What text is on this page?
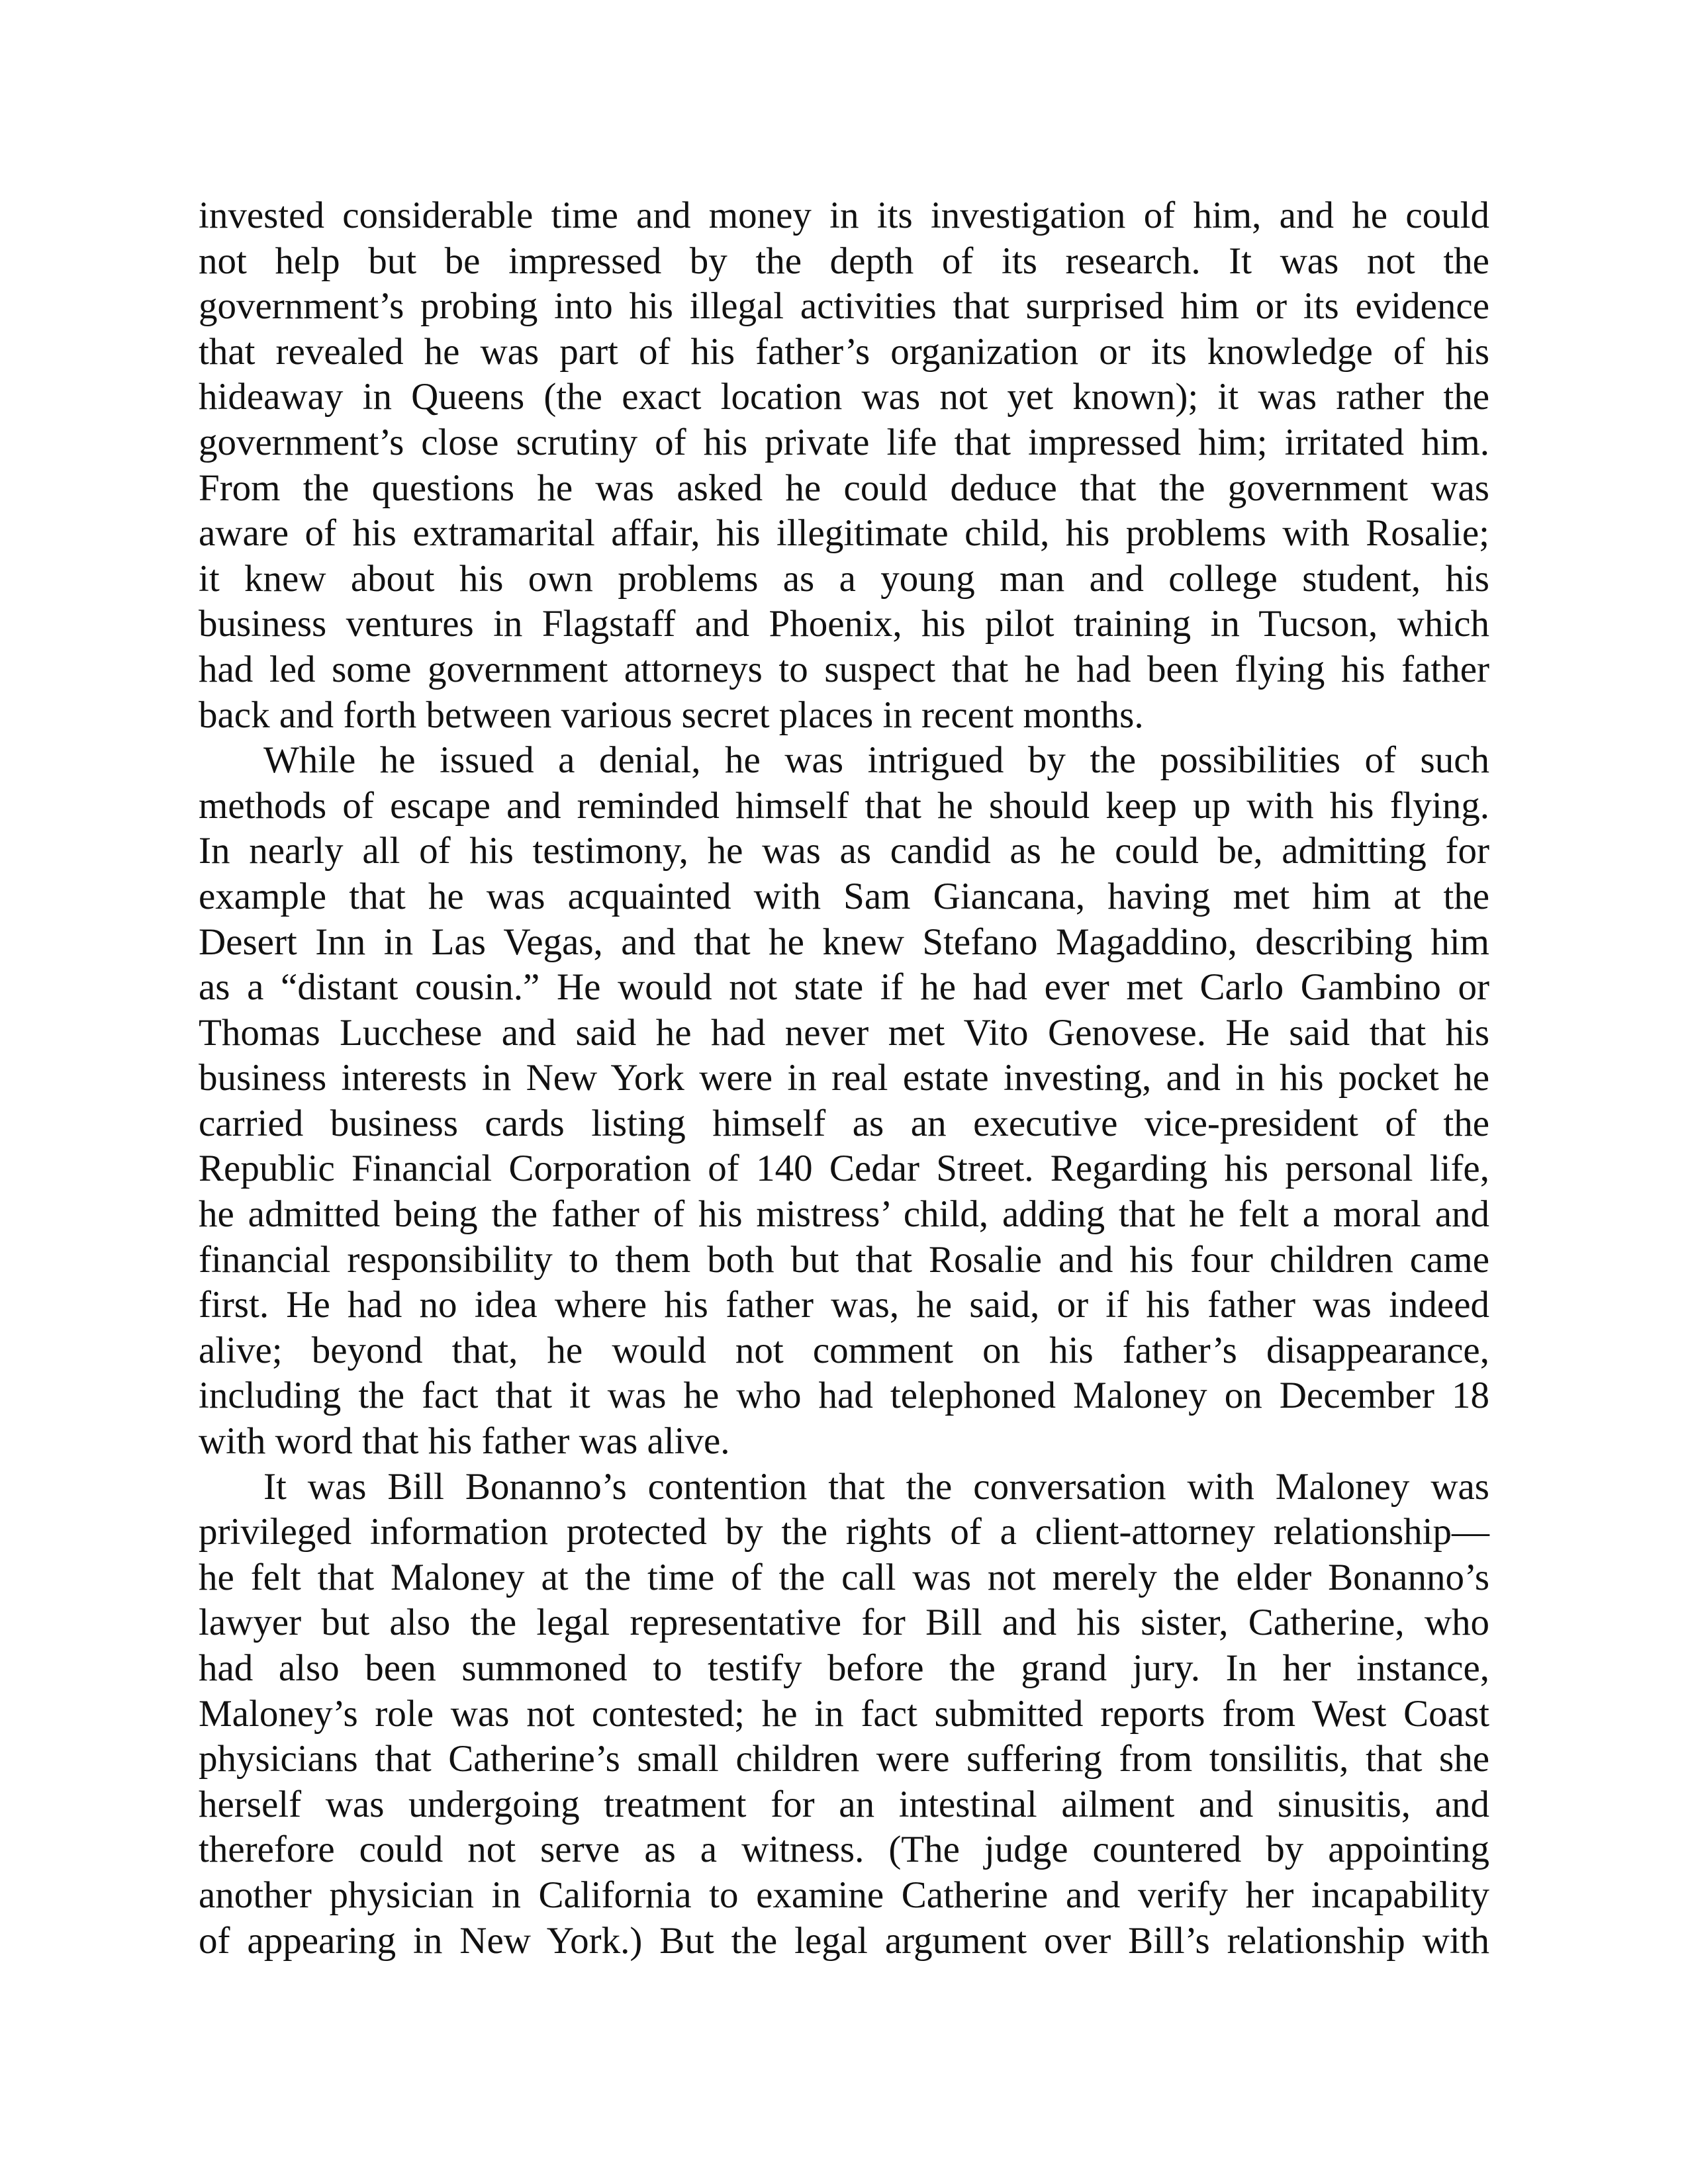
invested considerable time and money in its investigation of him, and he could
not help but be impressed by the depth of its research. It was not the
government’s probing into his illegal activities that surprised him or its evidence
that revealed he was part of his father’s organization or its knowledge of his
hideaway in Queens (the exact location was not yet known); it was rather the
government’s close scrutiny of his private life that impressed him; irritated him.
From the questions he was asked he could deduce that the government was
aware of his extramarital affair, his illegitimate child, his problems with Rosalie;
it knew about his own problems as a young man and college student, his
business ventures in Flagstaff and Phoenix, his pilot training in Tucson, which
had led some government attorneys to suspect that he had been flying his father
back and forth between various secret places in recent months.
While he issued a denial, he was intrigued by the possibilities of such
methods of escape and reminded himself that he should keep up with his flying.
In nearly all of his testimony, he was as candid as he could be, admitting for
example that he was acquainted with Sam Giancana, having met him at the
Desert Inn in Las Vegas, and that he knew Stefano Magaddino, describing him
as a “distant cousin.” He would not state if he had ever met Carlo Gambino or
Thomas Lucchese and said he had never met Vito Genovese. He said that his
business interests in New York were in real estate investing, and in his pocket he
carried business cards listing himself as an executive vice-president of the
Republic Financial Corporation of 140 Cedar Street. Regarding his personal life,
he admitted being the father of his mistress’ child, adding that he felt a moral and
financial responsibility to them both but that Rosalie and his four children came
first. He had no idea where his father was, he said, or if his father was indeed
alive; beyond that, he would not comment on his father’s disappearance,
including the fact that it was he who had telephoned Maloney on December 18
with word that his father was alive.
It was Bill Bonanno’s contention that the conversation with Maloney was
privileged information protected by the rights of a client-attorney relationship—
he felt that Maloney at the time of the call was not merely the elder Bonanno’s
lawyer but also the legal representative for Bill and his sister, Catherine, who
had also been summoned to testify before the grand jury. In her instance,
Maloney’s role was not contested; he in fact submitted reports from West Coast
physicians that Catherine’s small children were suffering from tonsilitis, that she
herself was undergoing treatment for an intestinal ailment and sinusitis, and
therefore could not serve as a witness. (The judge countered by appointing
another physician in California to examine Catherine and verify her incapability
of appearing in New York.) But the legal argument over Bill’s relationship with
